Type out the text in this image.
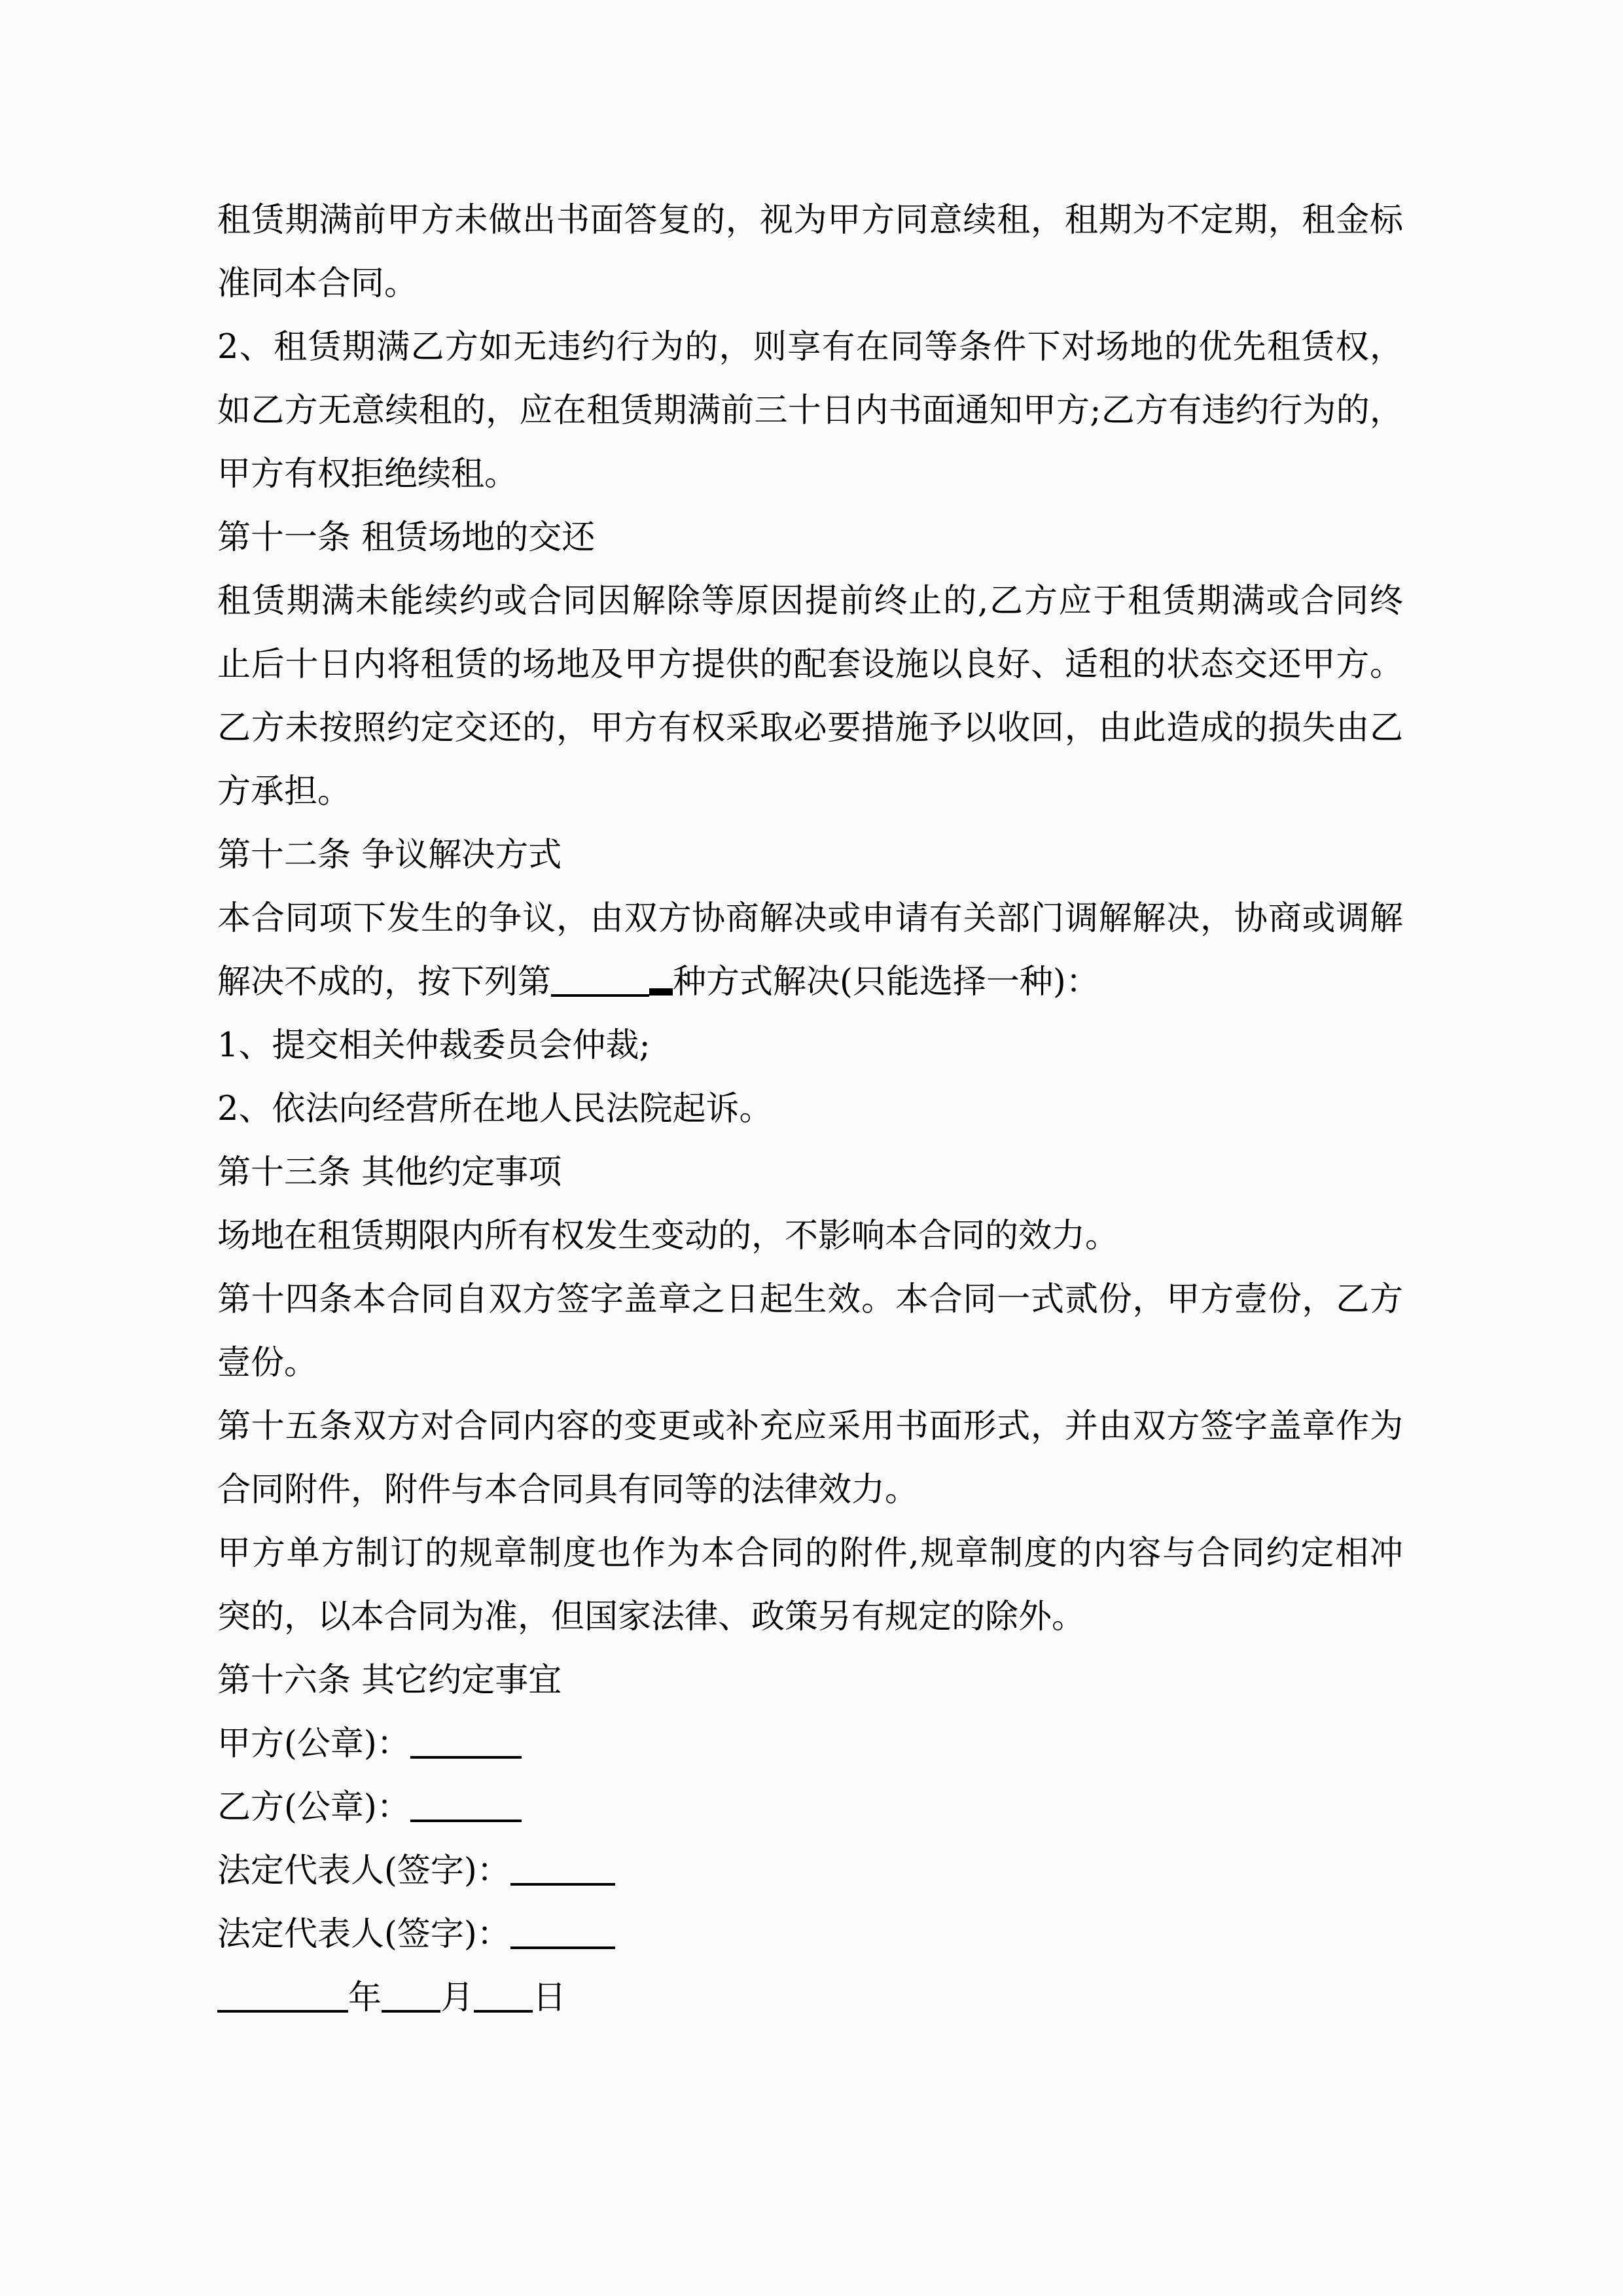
租赁期满前甲方未做出书面答复的，视为甲方同意续租，租期为不定期，租金标
准同本合同。
2、租赁期满乙方如无违约行为的，则享有在同等条件下对场地的优先租赁权，
如乙方无意续租的，应在租赁期满前三十日内书面通知甲方;乙方有违约行为的，
甲方有权拒绝续租。
第十一条 租赁场地的交还
租赁期满未能续约或合同因解除等原因提前终止的,乙方应于租赁期满或合同终
止后十日内将租赁的场地及甲方提供的配套设施以良好、适租的状态交还甲方。
乙方未按照约定交还的，甲方有权采取必要措施予以收回，由此造成的损失由乙
方承担。
第十二条 争议解决方式
本合同项下发生的争议，由双方协商解决或申请有关部门调解解决，协商或调解
解决不成的，按下列第	种方式解决(只能选择一种)：
1、提交相关仲裁委员会仲裁;
2、依法向经营所在地人民法院起诉。
第十三条 其他约定事项
场地在租赁期限内所有权发生变动的，不影响本合同的效力。
第十四条本合同自双方签字盖章之日起生效。本合同一式贰份，甲方壹份，乙方
壹份。
第十五条双方对合同内容的变更或补充应采用书面形式，并由双方签字盖章作为
合同附件，附件与本合同具有同等的法律效力。
甲方单方制订的规章制度也作为本合同的附件,规章制度的内容与合同约定相冲
突的，以本合同为准，但国家法律、政策另有规定的除外。
第十六条 其它约定事宜
甲方(公章)：
乙方(公章)：
法定代表人(签字)：
法定代表人(签字)：
年 月 日
